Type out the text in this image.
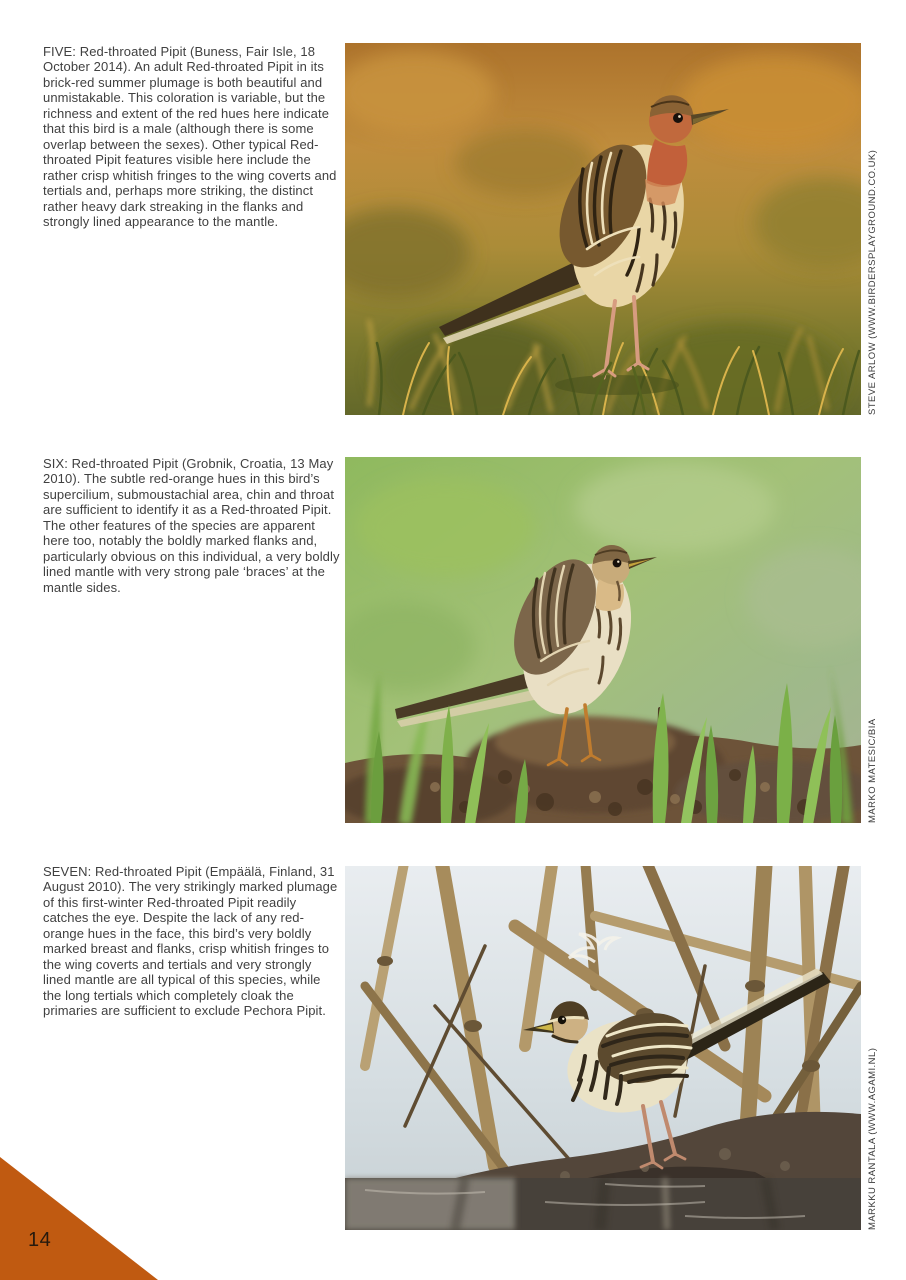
FIVE: Red-throated Pipit (Buness, Fair Isle, 18 October 2014). An adult Red-throated Pipit in its brick-red summer plumage is both beautiful and unmistakable. This coloration is variable, but the richness and extent of the red hues here indicate that this bird is a male (although there is some overlap between the sexes). Other typical Red-throated Pipit features visible here include the rather crisp whitish fringes to the wing coverts and tertials and, perhaps more striking, the distinct rather heavy dark streaking in the flanks and strongly lined appearance to the mantle.	STEVE ARLOW (WWW.BIRDERSPLAYGROUND.CO.UK)

SIX: Red-throated Pipit (Grobnik, Croatia, 13 May 2010). The subtle red-orange hues in this bird’s supercilium, submoustachial area, chin and throat are sufficient to identify it as a Red-throated Pipit. The other features of the species are apparent here too, notably the boldly marked flanks and, particularly obvious on this individual, a very boldly lined mantle with very strong pale ‘braces’ at the mantle sides.

MARKO MATESIC/BIA

SEVEN: Red-throated Pipit (Empäälä, Finland, 31 August 2010). The very strikingly marked plumage of this first-winter Red-throated Pipit readily catches the eye. Despite the lack of any red-orange hues in the face, this bird’s very boldly marked breast and flanks, crisp whitish fringes to the wing coverts and tertials and very strongly lined mantle are all typical of this species, while the long tertials which completely cloak the primaries are sufficient to exclude Pechora Pipit.

MARKKU RANTALA (WWW.AGAMI.NL)
14
